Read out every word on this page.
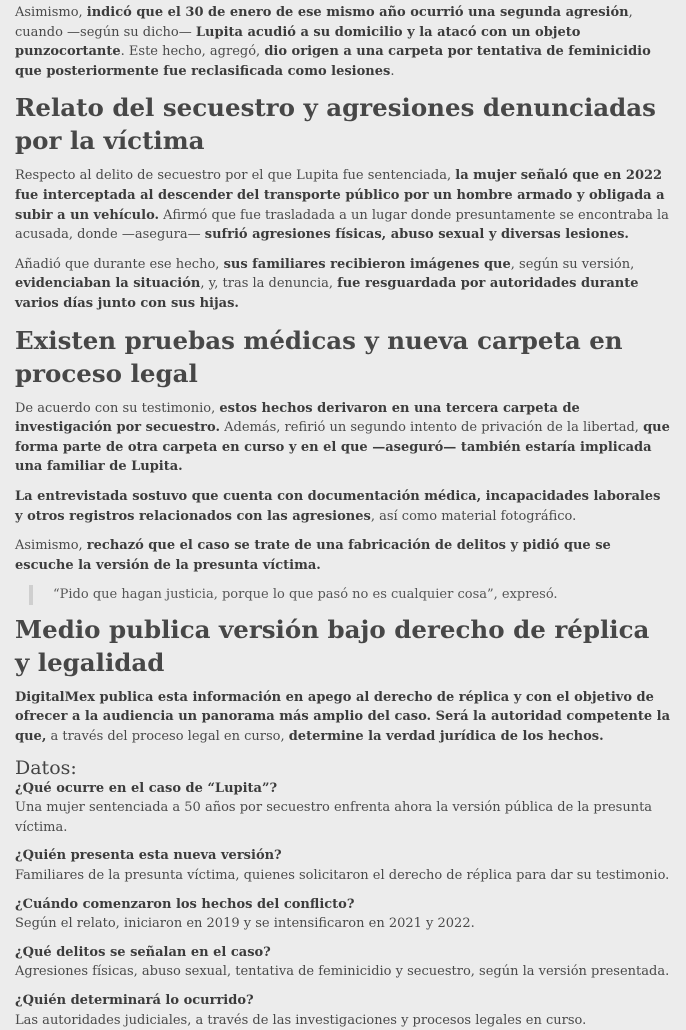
Asimismo, indicó que el 30 de enero de ese mismo año ocurrió una segunda agresión, cuando —según su dicho— Lupita acudió a su domicilio y la atacó con un objeto punzocortante. Este hecho, agregó, dio origen a una carpeta por tentativa de feminicidio que posteriormente fue reclasificada como lesiones.

Relato del secuestro y agresiones denunciadas por la víctima

Respecto al delito de secuestro por el que Lupita fue sentenciada, la mujer señaló que en 2022 fue interceptada al descender del transporte público por un hombre armado y obligada a subir a un vehículo. Afirmó que fue trasladada a un lugar donde presuntamente se encontraba la acusada, donde —asegura— sufrió agresiones físicas, abuso sexual y diversas lesiones.

Añadió que durante ese hecho, sus familiares recibieron imágenes que, según su versión, evidenciaban la situación, y, tras la denuncia, fue resguardada por autoridades durante varios días junto con sus hijas.

Existen pruebas médicas y nueva carpeta en proceso legal

De acuerdo con su testimonio, estos hechos derivaron en una tercera carpeta de investigación por secuestro. Además, refirió un segundo intento de privación de la libertad, que forma parte de otra carpeta en curso y en el que —aseguró— también estaría implicada una familiar de Lupita.

La entrevistada sostuvo que cuenta con documentación médica, incapacidades laborales y otros registros relacionados con las agresiones, así como material fotográfico.

Asimismo, rechazó que el caso se trate de una fabricación de delitos y pidió que se escuche la versión de la presunta víctima.

“Pido que hagan justicia, porque lo que pasó no es cualquier cosa”, expresó.
Medio publica versión bajo derecho de réplica y legalidad

DigitalMex publica esta información en apego al derecho de réplica y con el objetivo de ofrecer a la audiencia un panorama más amplio del caso. Será la autoridad competente la que, a través del proceso legal en curso, determine la verdad jurídica de los hechos.

Datos:
¿Qué ocurre en el caso de “Lupita”?
Una mujer sentenciada a 50 años por secuestro enfrenta ahora la versión pública de la presunta víctima.
¿Quién presenta esta nueva versión?
Familiares de la presunta víctima, quienes solicitaron el derecho de réplica para dar su testimonio.
¿Cuándo comenzaron los hechos del conflicto?
Según el relato, iniciaron en 2019 y se intensificaron en 2021 y 2022.
¿Qué delitos se señalan en el caso?
Agresiones físicas, abuso sexual, tentativa de feminicidio y secuestro, según la versión presentada.
¿Quién determinará lo ocurrido?
Las autoridades judiciales, a través de las investigaciones y procesos legales en curso.
